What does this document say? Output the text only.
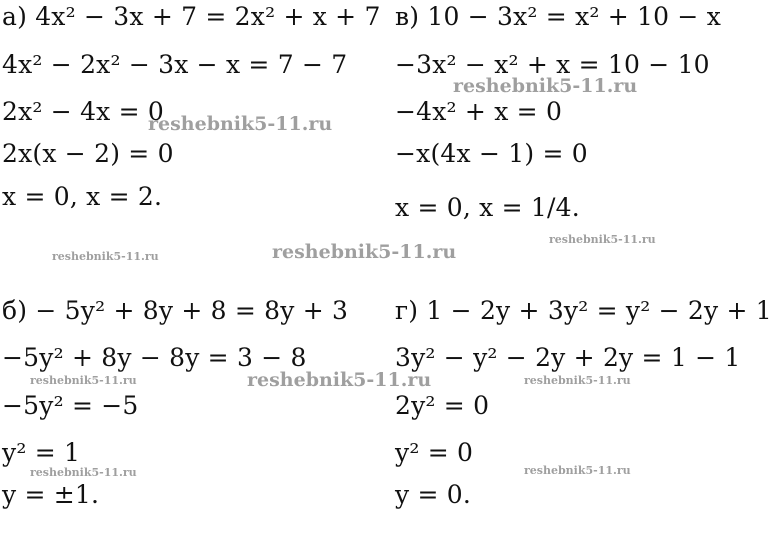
а) 4x² − 3x + 7 = 2x² + x + 7
4x² − 2x² − 3x − x = 7 − 7
2x² − 4x = 0
2x(x − 2) = 0
x = 0, x = 2.
в) 10 − 3x² = x² + 10 − x
−3x² − x² + x = 10 − 10
−4x² + x = 0
−x(4x − 1) = 0
x = 0, x = 1/4.
б) − 5y² + 8y + 8 = 8y + 3
−5y² + 8y − 8y = 3 − 8
−5y² = −5
y² = 1
y = ±1.
г) 1 − 2y + 3y² = y² − 2y + 1
3y² − y² − 2y + 2y = 1 − 1
2y² = 0
y² = 0
y = 0.
reshebnik5-11.ru
reshebnik5-11.ru
reshebnik5-11.ru	reshebnik5-11.ru
reshebnik5-11.ru
reshebnik5-11.ru	reshebnik5-11.ru	reshebnik5-11.ru
reshebnik5-11.ru	reshebnik5-11.ru
